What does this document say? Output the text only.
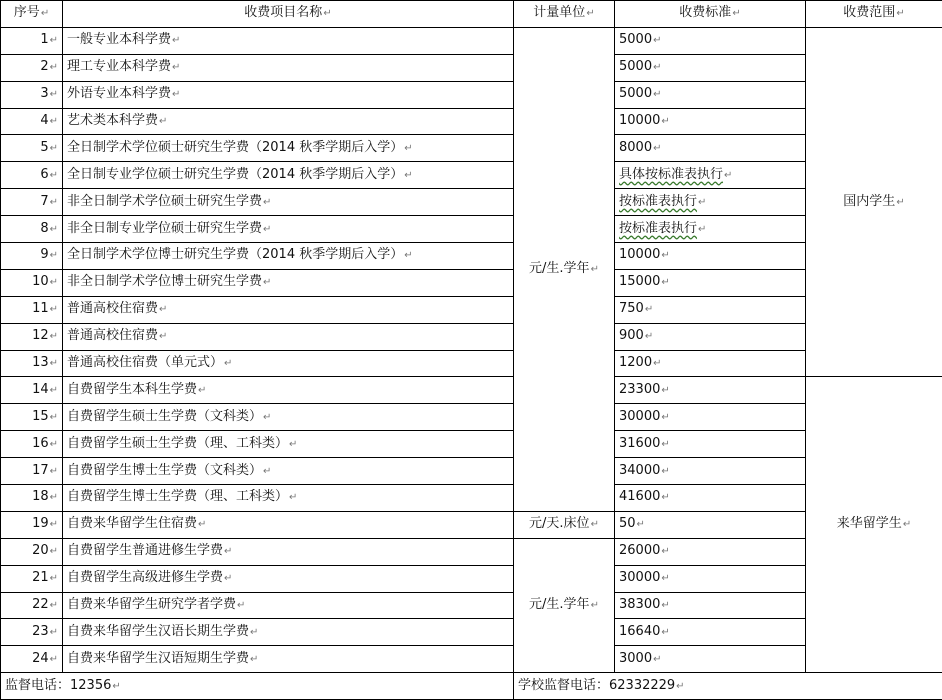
序号↵	收费项目名称↵	计量单位↵	收费标准↵	收费范围↵
1↵	一般专业本科学费↵	元/生.学年↵	5000↵	国内学生↵
2↵	理工专业本科学费↵		5000↵	
3↵	外语专业本科学费↵		5000↵	
4↵	艺术类本科学费↵		10000↵	
5↵	全日制学术学位硕士研究生学费（2014 秋季学期后入学）↵		8000↵	
6↵	全日制专业学位硕士研究生学费（2014 秋季学期后入学）↵		具体按标准表执行↵	
7↵	非全日制学术学位硕士研究生学费↵		按标准表执行↵	
8↵	非全日制专业学位硕士研究生学费↵		按标准表执行↵	
9↵	全日制学术学位博士研究生学费（2014 秋季学期后入学）↵		10000↵	
10↵	非全日制学术学位博士研究生学费↵		15000↵	
11↵	普通高校住宿费↵		750↵	
12↵	普通高校住宿费↵		900↵	
13↵	普通高校住宿费（单元式）↵		1200↵	
14↵	自费留学生本科生学费↵		23300↵	来华留学生↵
15↵	自费留学生硕士生学费（文科类）↵		30000↵	
16↵	自费留学生硕士生学费（理、工科类）↵		31600↵	
17↵	自费留学生博士生学费（文科类）↵		34000↵	
18↵	自费留学生博士生学费（理、工科类）↵		41600↵	
19↵	自费来华留学生住宿费↵	元/天.床位↵	50↵	
20↵	自费留学生普通进修生学费↵	元/生.学年↵	26000↵	
21↵	自费留学生高级进修生学费↵		30000↵	
22↵	自费来华留学生研究学者学费↵		38300↵	
23↵	自费来华留学生汉语长期生学费↵		16640↵	
24↵	自费来华留学生汉语短期生学费↵		3000↵	
监督电话：12356↵		学校监督电话：62332229↵		
